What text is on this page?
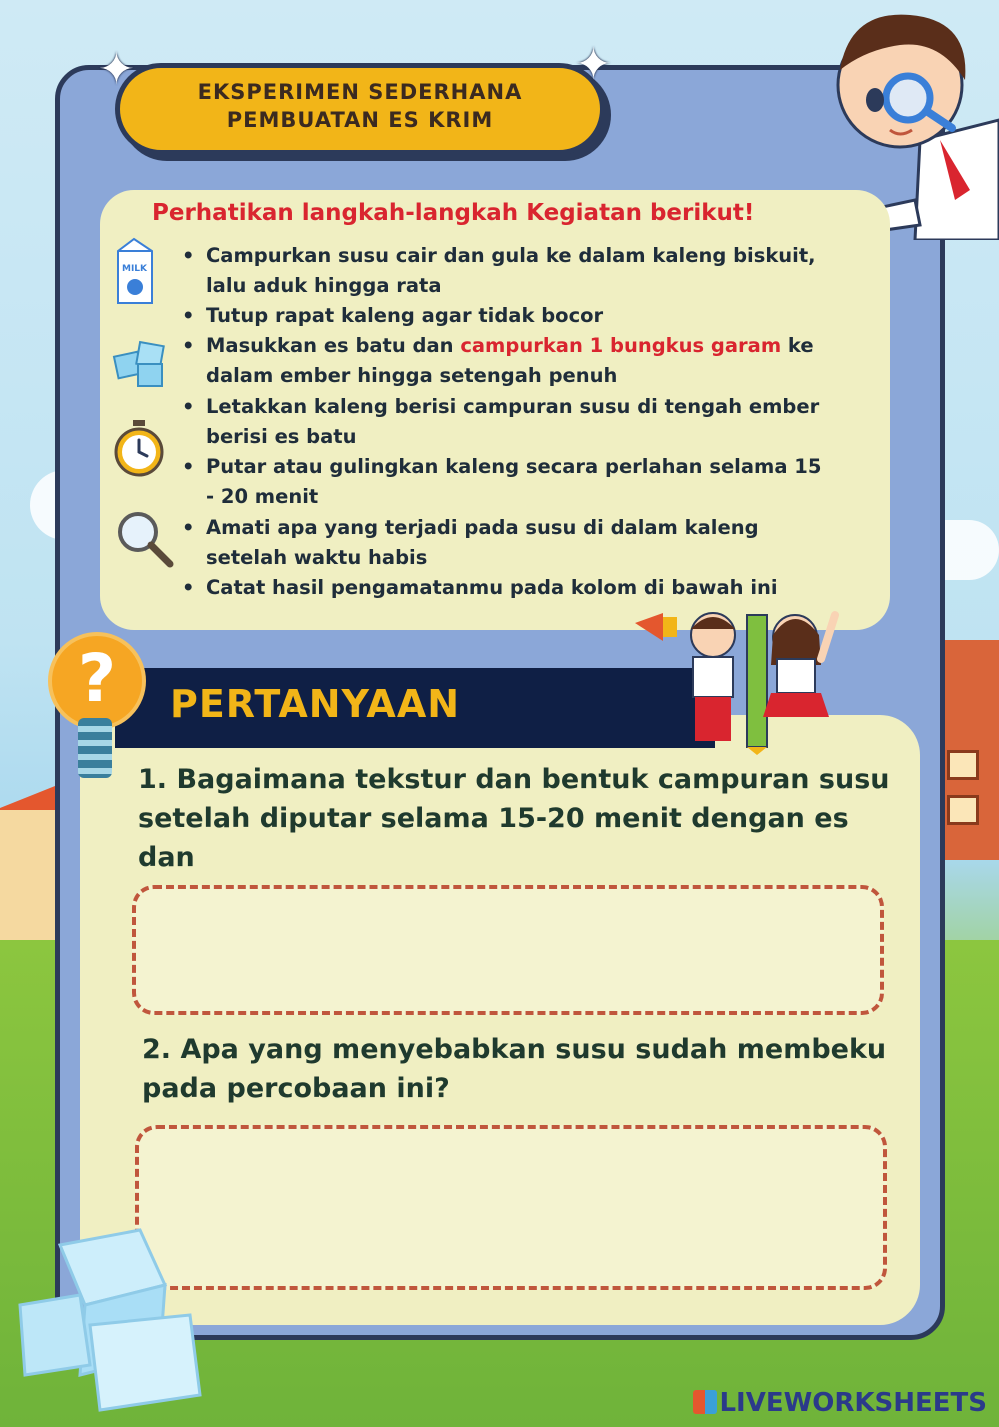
EKSPERIMEN SEDERHANA
PEMBUATAN ES KRIM
✦	✦
Perhatikan langkah-langkah Kegiatan berikut!
• Campurkan susu cair dan gula ke dalam kaleng biskuit,
lalu aduk hingga rata
• Tutup rapat kaleng agar tidak bocor
• Masukkan es batu dan campurkan 1 bungkus garam ke
dalam ember hingga setengah penuh
• Letakkan kaleng berisi campuran susu di tengah ember
berisi es batu
• Putar atau gulingkan kaleng secara perlahan selama 15
- 20 menit
• Amati apa yang terjadi pada susu di dalam kaleng
setelah waktu habis
• Catat hasil pengamatanmu pada kolom di bawah ini
MILK
PERTANYAAN
?
1. Bagaimana tekstur dan bentuk campuran susu
setelah diputar selama 15-20 menit dengan es dan
2. Apa yang menyebabkan susu sudah membeku
pada percobaan ini?
LIVEWORKSHEETS
